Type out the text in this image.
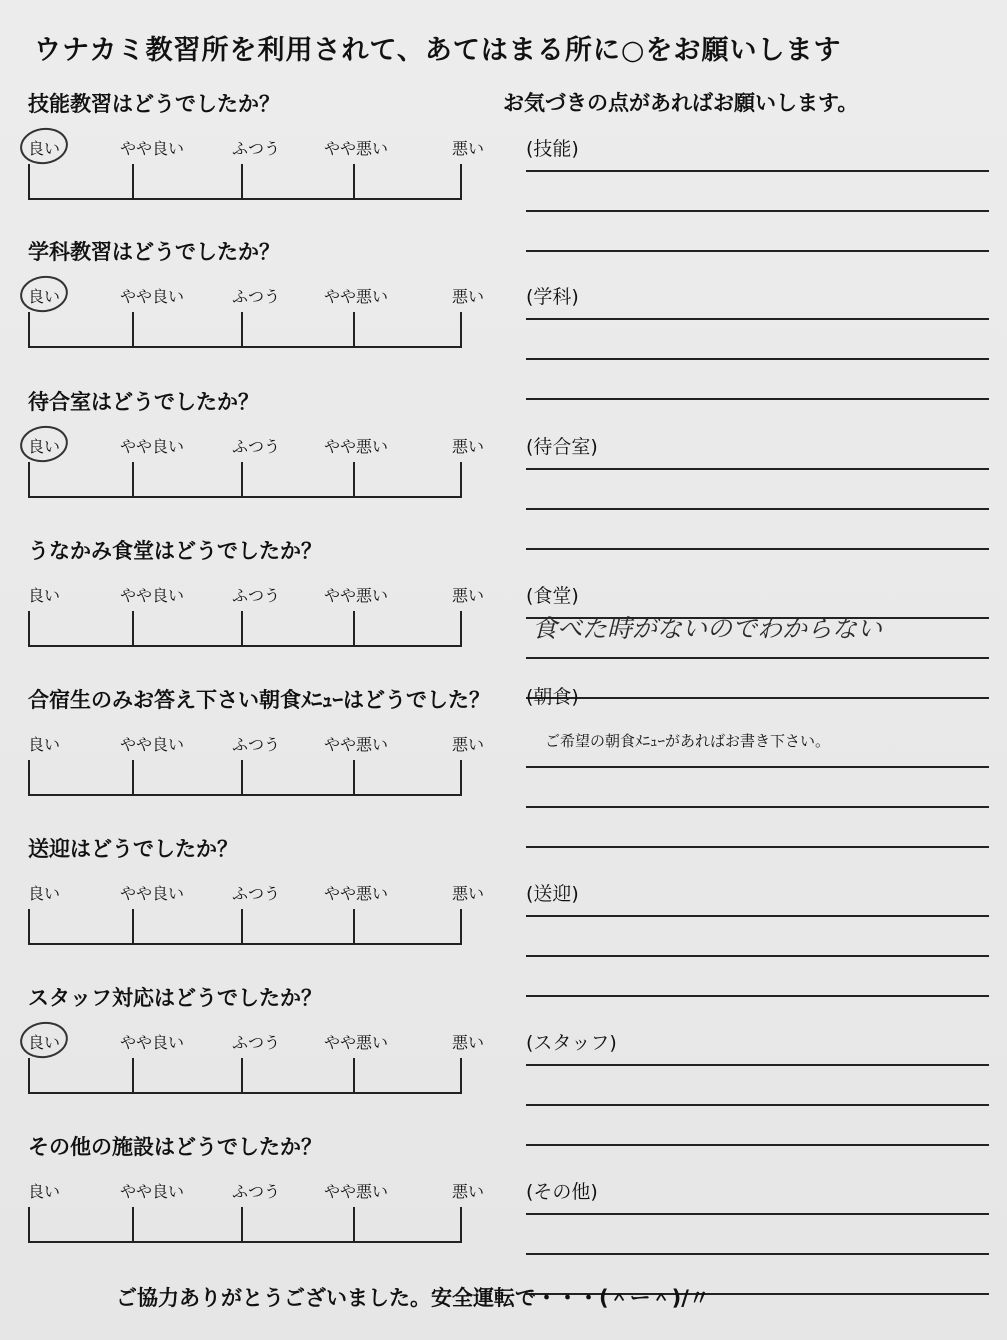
ウナカミ教習所を利用されて、あてはまる所に○をお願いします
お気づきの点があればお願いします。
技能教習はどうでしたか？
良い	やや良い	ふつう	やや悪い	悪い (技能)
学科教習はどうでしたか？
良い	やや良い	ふつう	やや悪い	悪い (学科)
待合室はどうでしたか？
良い	やや良い	ふつう	やや悪い	悪い (待合室)
うなかみ食堂はどうでしたか？
良い	やや良い	ふつう	やや悪い	悪い (食堂)
食べた時がないのでわからない
合宿生のみお答え下さい朝食ﾒﾆｭｰはどうでした？
良い	やや良い	ふつう	やや悪い	悪い
(朝食)
ご希望の朝食ﾒﾆｭｰがあればお書き下さい。
送迎はどうでしたか？
良い	やや良い	ふつう	やや悪い	悪い (送迎)
スタッフ対応はどうでしたか？
良い	やや良い	ふつう	やや悪い	悪い (スタッフ)
その他の施設はどうでしたか？
良い	やや良い	ふつう	やや悪い	悪い (その他)
ご協力ありがとうございました。安全運転で・・・(＾ー＾)/〃
